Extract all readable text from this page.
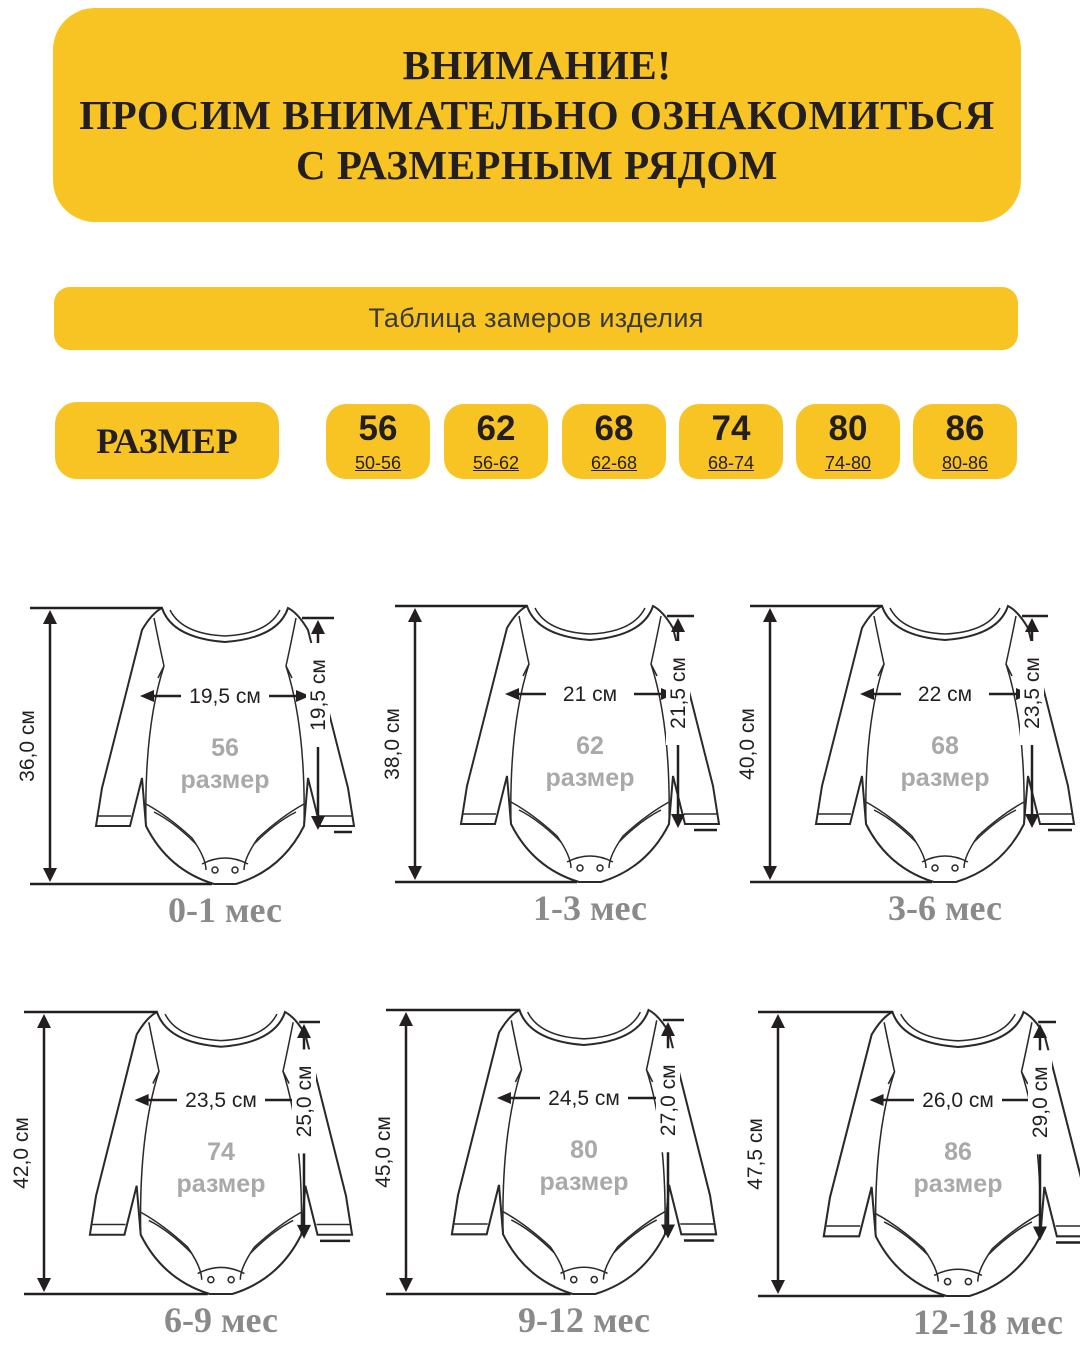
ВНИМАНИЕ!
ПРОСИМ ВНИМАТЕЛЬНО ОЗНАКОМИТЬСЯ
С РАЗМЕРНЫМ РЯДОМ
Таблица замеров изделия
РАЗМЕР	56
50-56
62
56-62
68
62-68
74
68-74
80
74-80
86
80-86
36,0 см
19,5 см 19,5 см
56
размер
0-1 мес
38,0 см
21 см 21,5 см
62
размер
1-3 мес
40,0 см
22 см 23,5 см
68
размер
3-6 мес
42,0 см
23,5 см 25,0 см
74
размер
6-9 мес
45,0 см
24,5 см 27,0 см
80
размер
9-12 мес
47,5 см
26,0 см 29,0 см
86
размер
12-18 мес
